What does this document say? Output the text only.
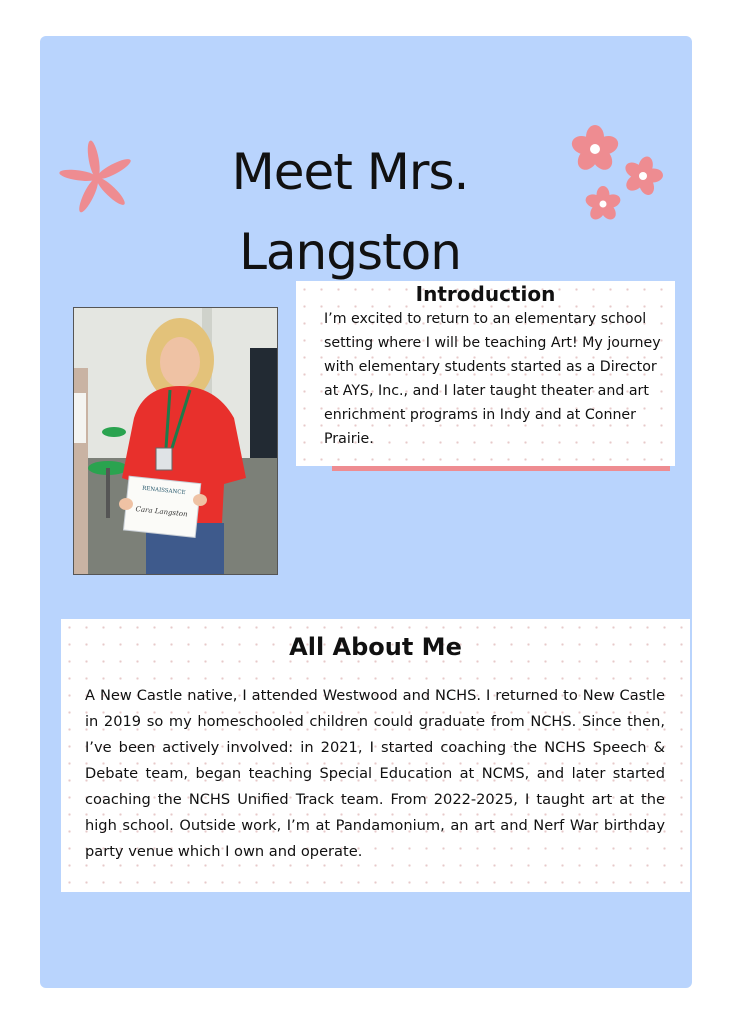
Meet Mrs.
Langston
RENAISSANCE
Cara Langston
Introduction

I’m excited to return to an elementary school setting where I will be teaching Art! My journey with elementary students started as a Director at AYS, Inc., and I later taught theater and art enrichment programs in Indy and at Conner Prairie.

All About Me

A New Castle native, I attended Westwood and NCHS. I returned to New Castle in 2019 so my homeschooled children could graduate from NCHS. Since then, I’ve been actively involved: in 2021, I started coaching the NCHS Speech & Debate team, began teaching Special Education at NCMS, and later started coaching the NCHS Unified Track team. From 2022-2025, I taught art at the high school. Outside work, I’m at Pandamonium, an art and Nerf War birthday party venue which I own and operate.
